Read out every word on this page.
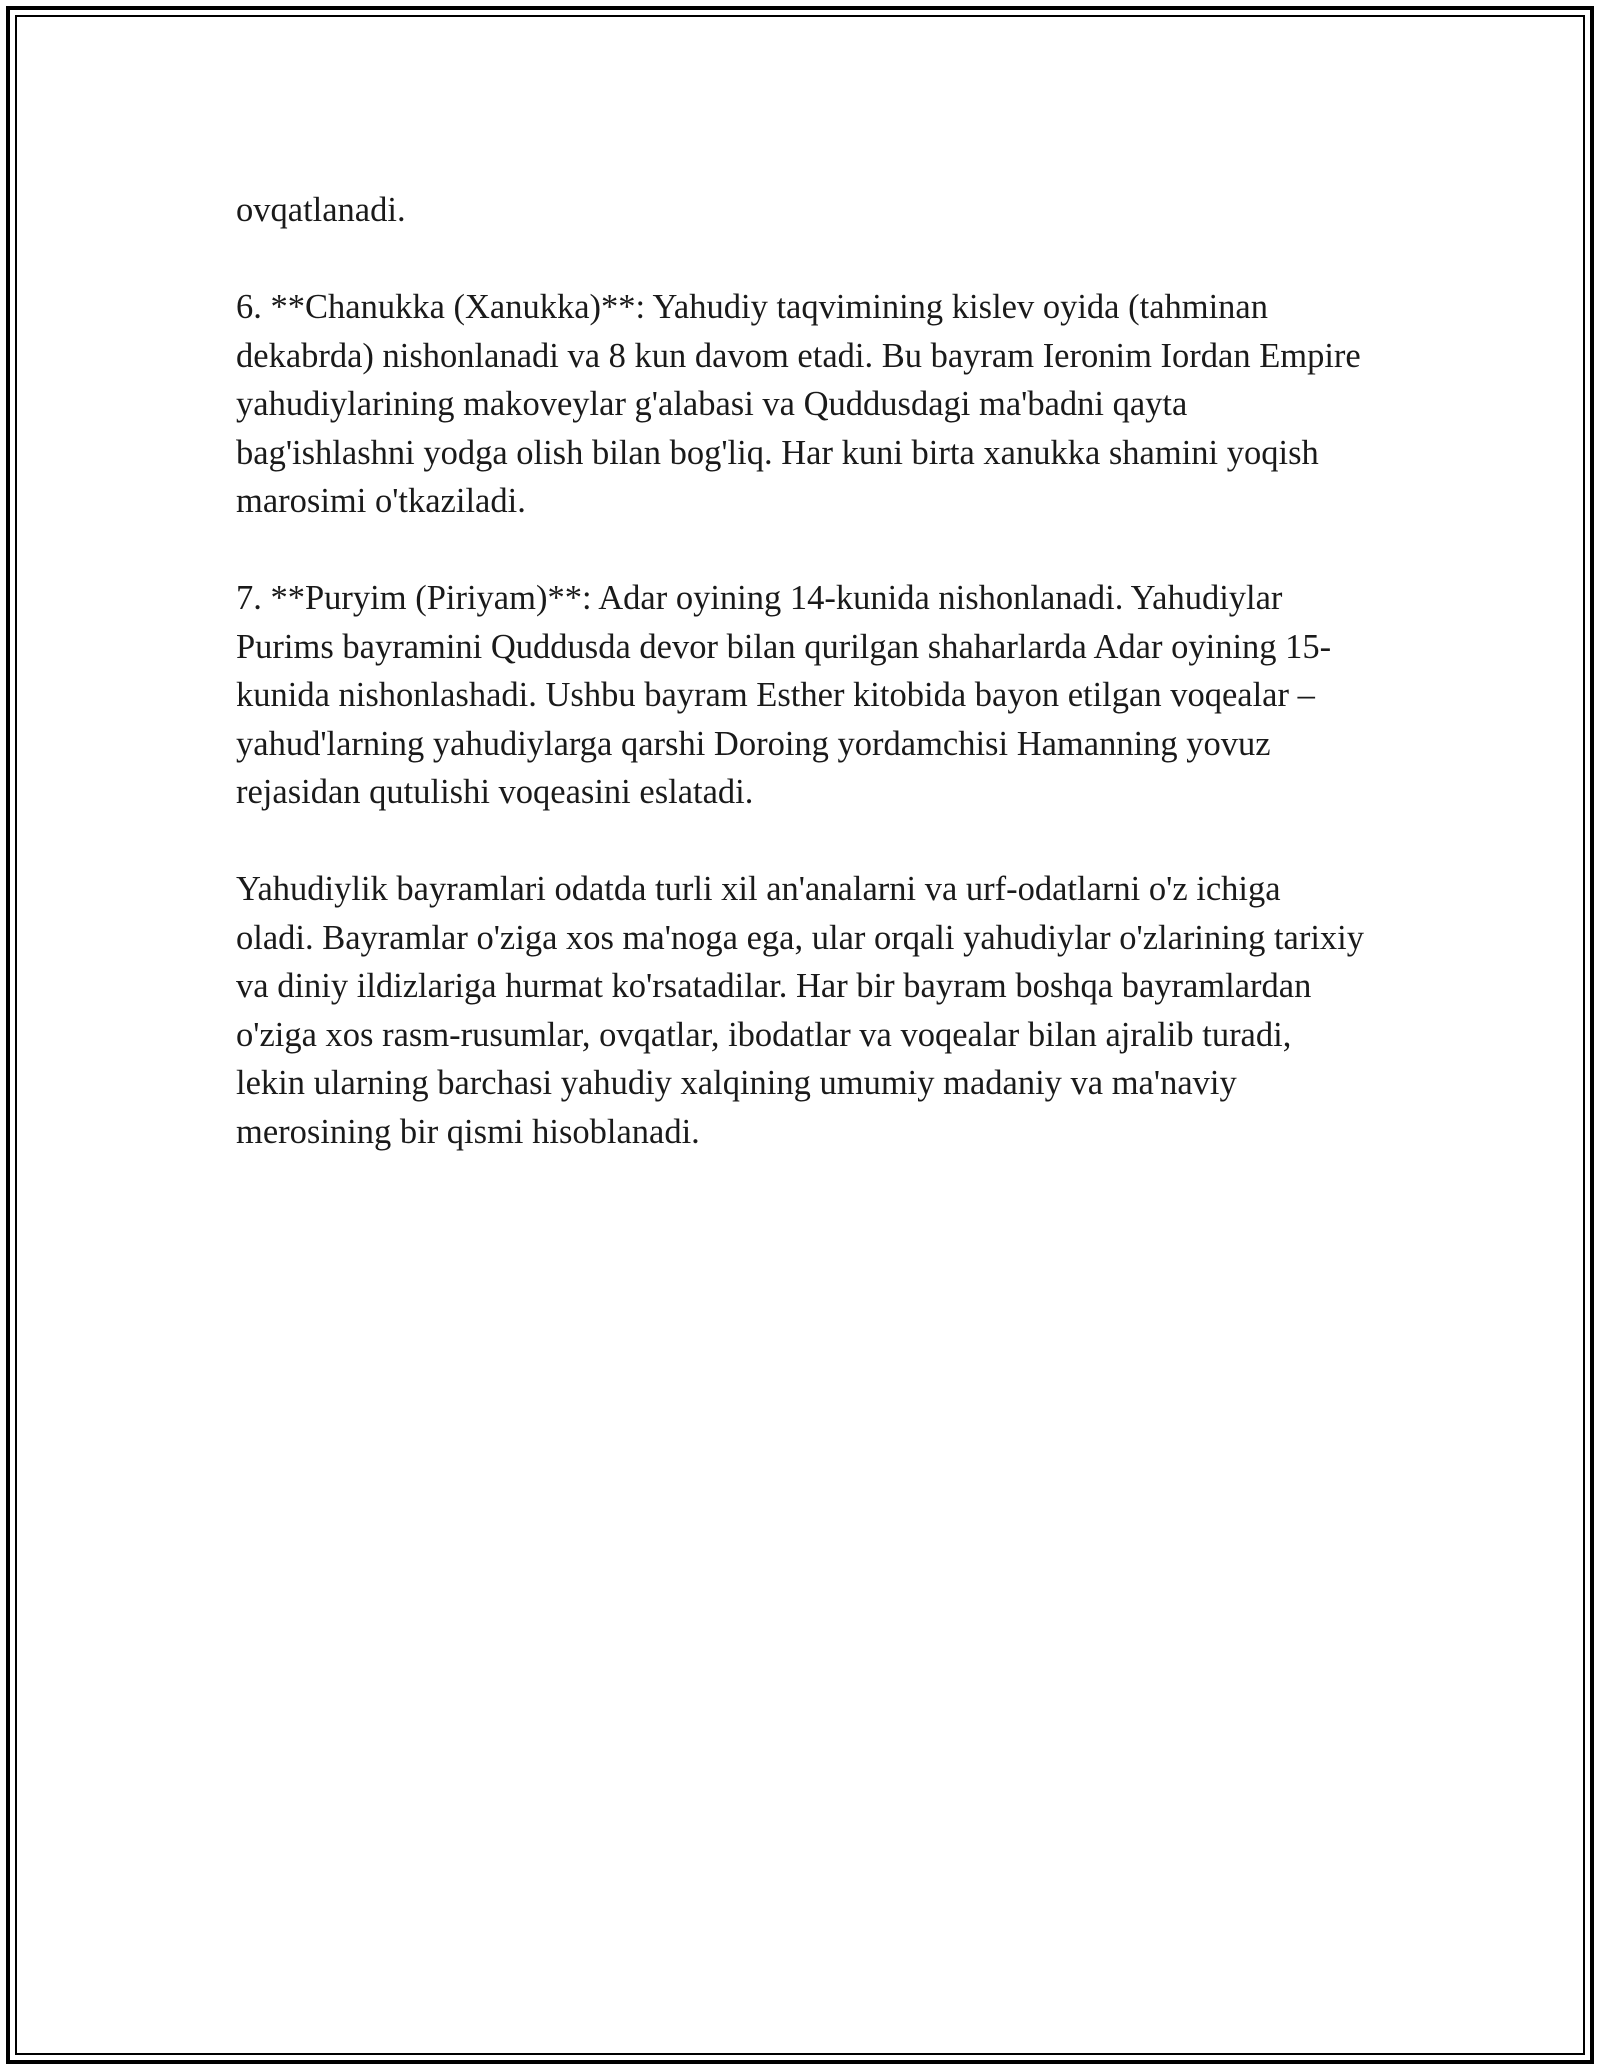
ovqatlanadi.

6. **Chanukka (Xanukka)**: Yahudiy taqvimining kislev oyida (tahminan dekabrda) nishonlanadi va 8 kun davom etadi. Bu bayram Ieronim Iordan Empire yahudiylarining makoveylar g'alabasi va Quddusdagi ma'badni qayta bag'ishlashni yodga olish bilan bog'liq. Har kuni birta xanukka shamini yoqish marosimi o'tkaziladi.

7. **Puryim (Piriyam)**: Adar oyining 14-kunida nishonlanadi. Yahudiylar Purims bayramini Quddusda devor bilan qurilgan shaharlarda Adar oyining 15-kunida nishonlashadi. Ushbu bayram Esther kitobida bayon etilgan voqealar – yahud'larning yahudiylarga qarshi Doroing yordamchisi Hamanning yovuz rejasidan qutulishi voqeasini eslatadi.

Yahudiylik bayramlari odatda turli xil an'analarni va urf-odatlarni o'z ichiga oladi. Bayramlar o'ziga xos ma'noga ega, ular orqali yahudiylar o'zlarining tarixiy va diniy ildizlariga hurmat ko'rsatadilar. Har bir bayram boshqa bayramlardan o'ziga xos rasm-rusumlar, ovqatlar, ibodatlar va voqealar bilan ajralib turadi, lekin ularning barchasi yahudiy xalqining umumiy madaniy va ma'naviy merosining bir qismi hisoblanadi.
